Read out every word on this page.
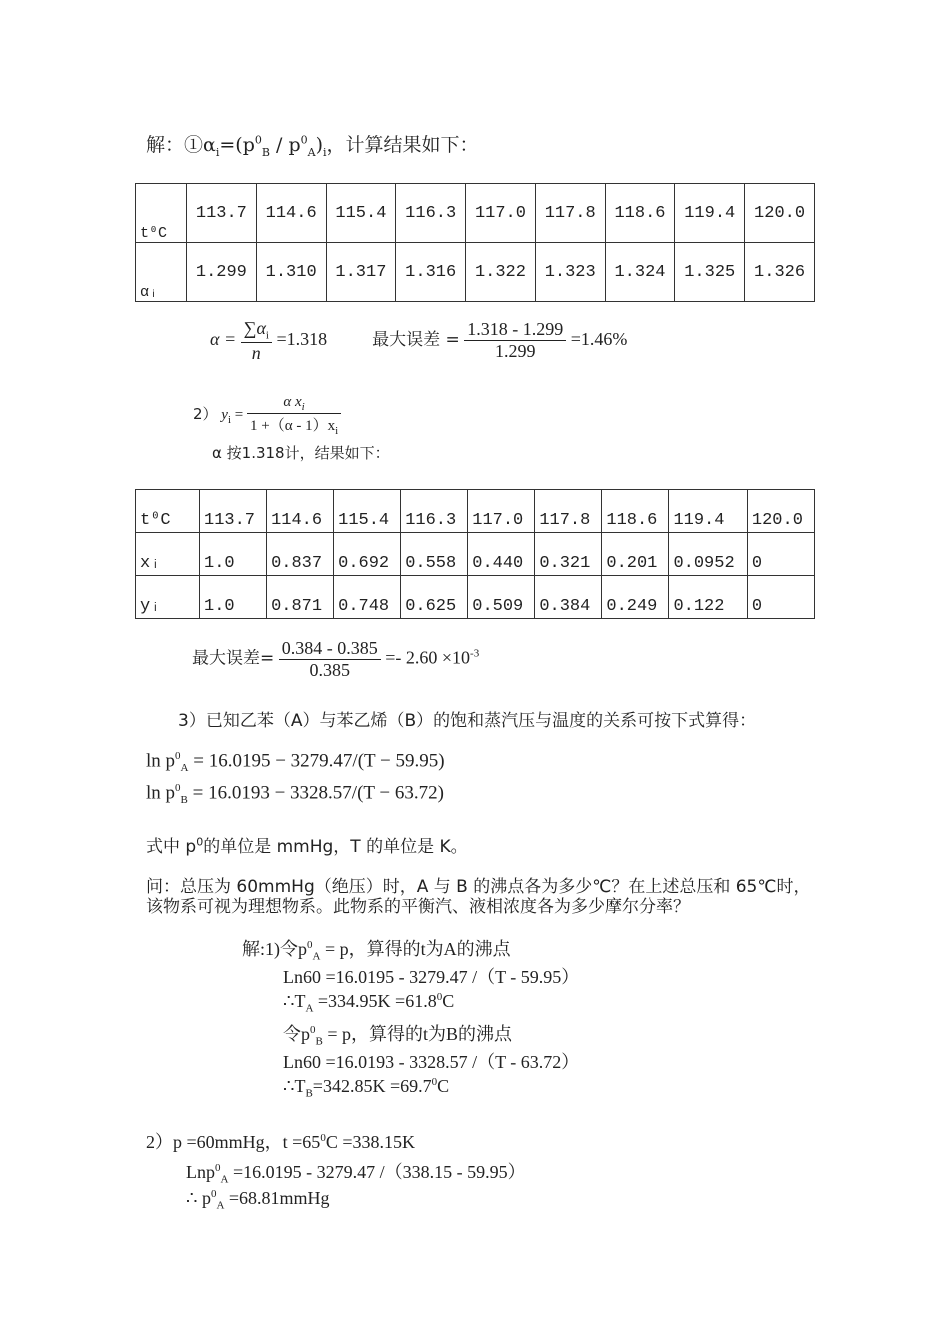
解：$①\alpha_i=(p^0_B / p^0_A)_i$，计算结果如下：
t⁰C	113.7	114.6	115.4	116.3	117.0	117.8	118.6	119.4	120.0
αᵢ	1.299	1.310	1.317	1.316	1.322	1.323	1.324	1.325	1.326
$\alpha = \frac{\sum\alpha_i}{n} =1.318$	最大误差 = $\frac{1.318 - 1.299}{1.299} =1.46\%$
2） $y_i = \frac{\alpha x_i}{1 +(\alpha - 1)x_i}$
α 按1.318计，结果如下：
t⁰C	113.7	114.6	115.4	116.3	117.0	117.8	118.6	119.4	120.0
xᵢ	1.0	0.837	0.692	0.558	0.440	0.321	0.201	0.0952	0
yᵢ	1.0	0.871	0.748	0.625	0.509	0.384	0.249	0.122	0
最大误差= $\frac{0.384 - 0.385}{0.385} =- 2.60 \times 10^{-3}$
3）已知乙苯（A）与苯乙烯（B）的饱和蒸汽压与温度的关系可按下式算得：
$\ln p^0_A = 16.0195 - 3279.47/(T - 59.95)$
$\ln p^0_B = 16.0193 - 3328.57/(T - 63.72)$
式中 $p^0$的单位是 mmHg，T 的单位是 K。
问：总压为 60mmHg（绝压）时，A 与 B 的沸点各为多少℃？在上述总压和 65℃时，
该物系可视为理想物系。此物系的平衡汽、液相浓度各为多少摩尔分率？
解:1)令$p^0_A = p$，算得的t为A的沸点
Ln60 =16.0195 - 3279.47 /（T - 59.95）
$\therefore T_A =334.95K =61.8^0C$
令$p^0_B = p$，算得的t为B的沸点
Ln60 =16.0193 - 3328.57 /（T - 63.72）
$\therefore T_B=342.85K =69.7^0C$
2）p =60mmHg，$t =65^0C =338.15K$
Lnp$^0_A$ =16.0195 - 3279.47 /（338.15 - 59.95）
∴ $p^0_A$ =68.81mmHg
